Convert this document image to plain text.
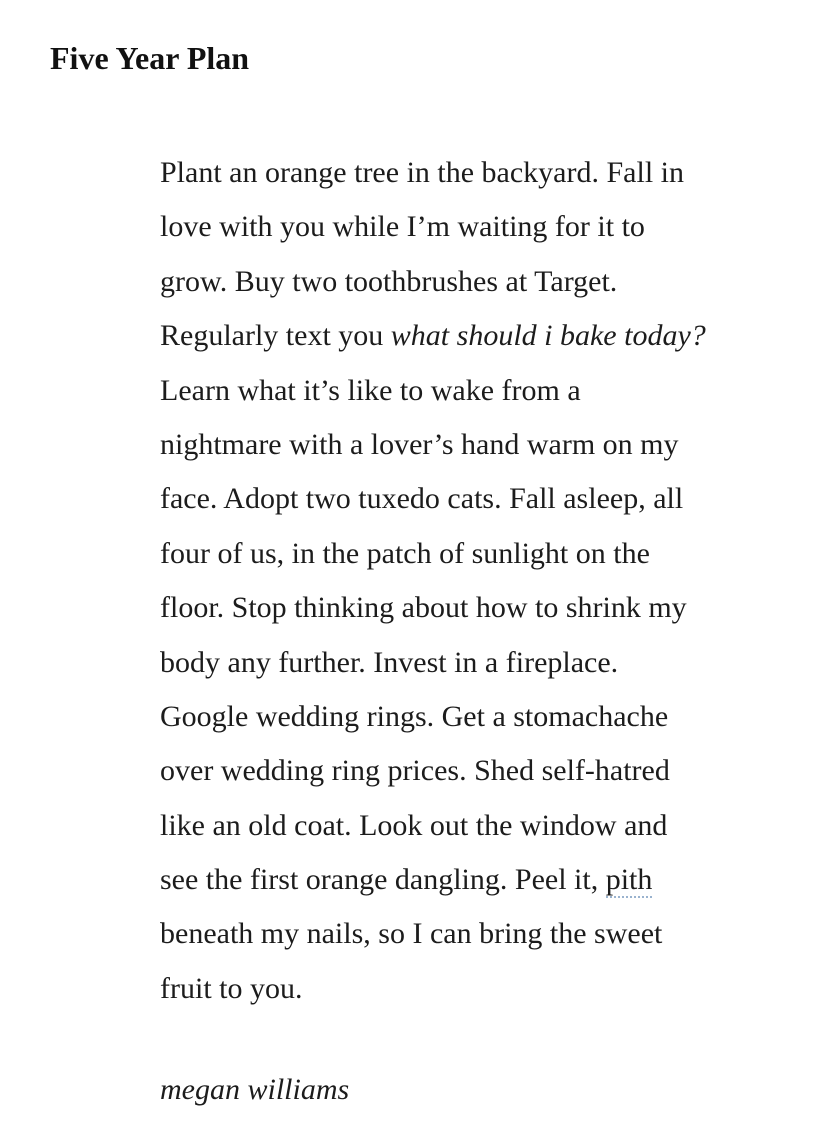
Five Year Plan
Plant an orange tree in the backyard. Fall in
love with you while I’m waiting for it to
grow. Buy two toothbrushes at Target.
Regularly text you what should i bake today?
Learn what it’s like to wake from a
nightmare with a lover’s hand warm on my
face. Adopt two tuxedo cats. Fall asleep, all
four of us, in the patch of sunlight on the
floor. Stop thinking about how to shrink my
body any further. Invest in a fireplace.
Google wedding rings. Get a stomachache
over wedding ring prices. Shed self-hatred
like an old coat. Look out the window and
see the first orange dangling. Peel it, pith
beneath my nails, so I can bring the sweet
fruit to you.

megan williams
